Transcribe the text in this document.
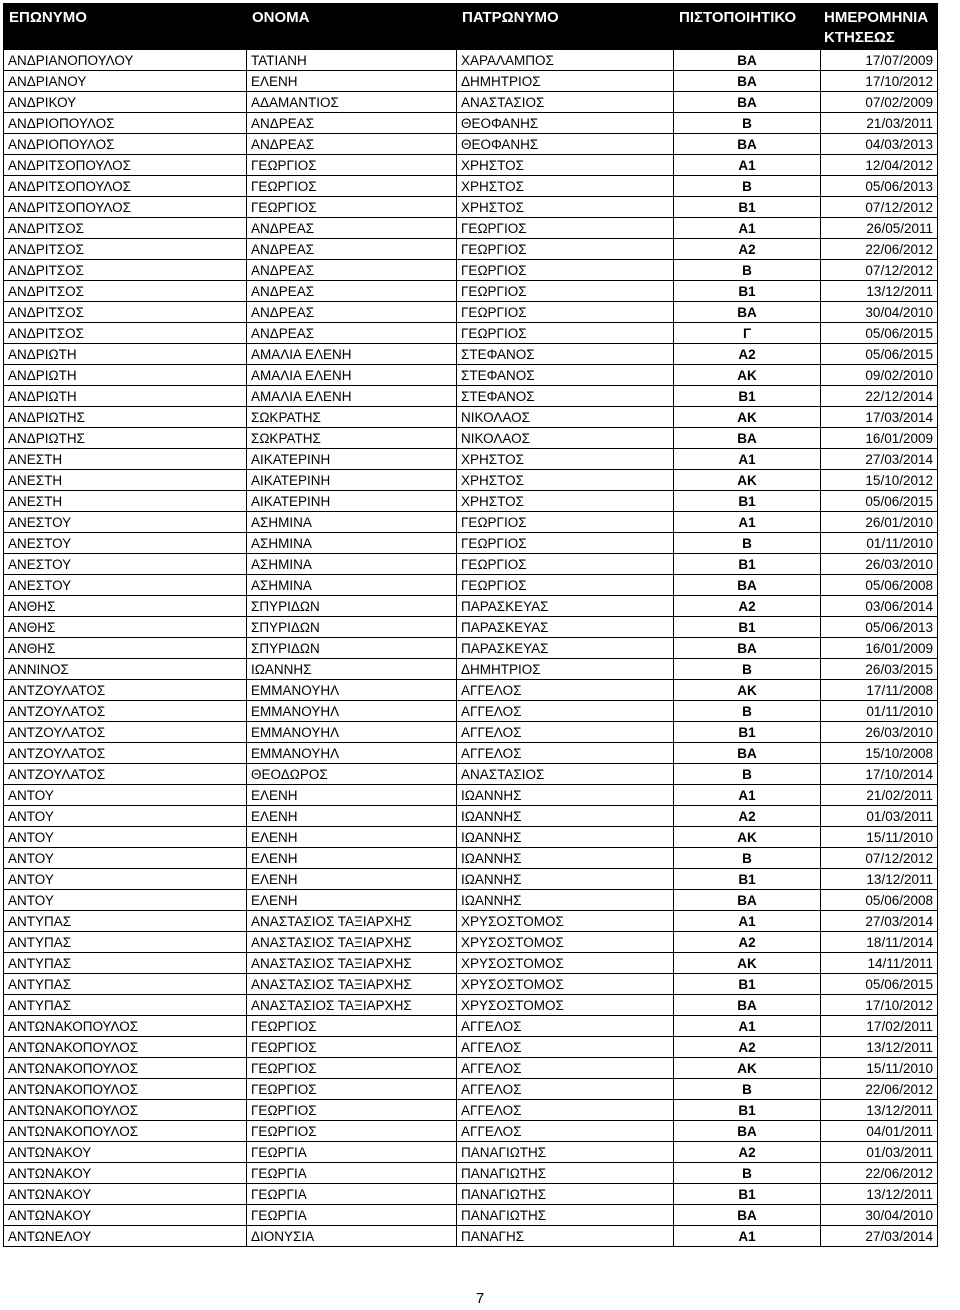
ΕΠΩΝΥΜΟ	ΟΝΟΜΑ	ΠΑΤΡΩΝΥΜΟ	ΠΙΣΤΟΠΟΙΗΤΙΚΟ	ΗΜΕΡΟΜΗΝΙΑ
ΚΤΗΣΕΩΣ
ΑΝΔΡΙΑΝΟΠΟΥΛΟΥ	ΤΑΤΙΑΝΗ	ΧΑΡΑΛΑΜΠΟΣ	ΒΑ	17/07/2009
ΑΝΔΡΙΑΝΟΥ	ΕΛΕΝΗ	ΔΗΜΗΤΡΙΟΣ	ΒΑ	17/10/2012
ΑΝΔΡΙΚΟΥ	ΑΔΑΜΑΝΤΙΟΣ	ΑΝΑΣΤΑΣΙΟΣ	ΒΑ	07/02/2009
ΑΝΔΡΙΟΠΟΥΛΟΣ	ΑΝΔΡΕΑΣ	ΘΕΟΦΑΝΗΣ	Β	21/03/2011
ΑΝΔΡΙΟΠΟΥΛΟΣ	ΑΝΔΡΕΑΣ	ΘΕΟΦΑΝΗΣ	ΒΑ	04/03/2013
ΑΝΔΡΙΤΣΟΠΟΥΛΟΣ	ΓΕΩΡΓΙΟΣ	ΧΡΗΣΤΟΣ	Α1	12/04/2012
ΑΝΔΡΙΤΣΟΠΟΥΛΟΣ	ΓΕΩΡΓΙΟΣ	ΧΡΗΣΤΟΣ	Β	05/06/2013
ΑΝΔΡΙΤΣΟΠΟΥΛΟΣ	ΓΕΩΡΓΙΟΣ	ΧΡΗΣΤΟΣ	Β1	07/12/2012
ΑΝΔΡΙΤΣΟΣ	ΑΝΔΡΕΑΣ	ΓΕΩΡΓΙΟΣ	Α1	26/05/2011
ΑΝΔΡΙΤΣΟΣ	ΑΝΔΡΕΑΣ	ΓΕΩΡΓΙΟΣ	Α2	22/06/2012
ΑΝΔΡΙΤΣΟΣ	ΑΝΔΡΕΑΣ	ΓΕΩΡΓΙΟΣ	Β	07/12/2012
ΑΝΔΡΙΤΣΟΣ	ΑΝΔΡΕΑΣ	ΓΕΩΡΓΙΟΣ	Β1	13/12/2011
ΑΝΔΡΙΤΣΟΣ	ΑΝΔΡΕΑΣ	ΓΕΩΡΓΙΟΣ	ΒΑ	30/04/2010
ΑΝΔΡΙΤΣΟΣ	ΑΝΔΡΕΑΣ	ΓΕΩΡΓΙΟΣ	Γ	05/06/2015
ΑΝΔΡΙΩΤΗ	ΑΜΑΛΙΑ ΕΛΕΝΗ	ΣΤΕΦΑΝΟΣ	Α2	05/06/2015
ΑΝΔΡΙΩΤΗ	ΑΜΑΛΙΑ ΕΛΕΝΗ	ΣΤΕΦΑΝΟΣ	ΑΚ	09/02/2010
ΑΝΔΡΙΩΤΗ	ΑΜΑΛΙΑ ΕΛΕΝΗ	ΣΤΕΦΑΝΟΣ	Β1	22/12/2014
ΑΝΔΡΙΩΤΗΣ	ΣΩΚΡΑΤΗΣ	ΝΙΚΟΛΑΟΣ	ΑΚ	17/03/2014
ΑΝΔΡΙΩΤΗΣ	ΣΩΚΡΑΤΗΣ	ΝΙΚΟΛΑΟΣ	ΒΑ	16/01/2009
ΑΝΕΣΤΗ	ΑΙΚΑΤΕΡΙΝΗ	ΧΡΗΣΤΟΣ	Α1	27/03/2014
ΑΝΕΣΤΗ	ΑΙΚΑΤΕΡΙΝΗ	ΧΡΗΣΤΟΣ	ΑΚ	15/10/2012
ΑΝΕΣΤΗ	ΑΙΚΑΤΕΡΙΝΗ	ΧΡΗΣΤΟΣ	Β1	05/06/2015
ΑΝΕΣΤΟΥ	ΑΣΗΜΙΝΑ	ΓΕΩΡΓΙΟΣ	Α1	26/01/2010
ΑΝΕΣΤΟΥ	ΑΣΗΜΙΝΑ	ΓΕΩΡΓΙΟΣ	Β	01/11/2010
ΑΝΕΣΤΟΥ	ΑΣΗΜΙΝΑ	ΓΕΩΡΓΙΟΣ	Β1	26/03/2010
ΑΝΕΣΤΟΥ	ΑΣΗΜΙΝΑ	ΓΕΩΡΓΙΟΣ	ΒΑ	05/06/2008
ΑΝΘΗΣ	ΣΠΥΡΙΔΩΝ	ΠΑΡΑΣΚΕΥΑΣ	Α2	03/06/2014
ΑΝΘΗΣ	ΣΠΥΡΙΔΩΝ	ΠΑΡΑΣΚΕΥΑΣ	Β1	05/06/2013
ΑΝΘΗΣ	ΣΠΥΡΙΔΩΝ	ΠΑΡΑΣΚΕΥΑΣ	ΒΑ	16/01/2009
ΑΝΝΙΝΟΣ	ΙΩΑΝΝΗΣ	ΔΗΜΗΤΡΙΟΣ	Β	26/03/2015
ΑΝΤΖΟΥΛΑΤΟΣ	ΕΜΜΑΝΟΥΗΛ	ΑΓΓΕΛΟΣ	ΑΚ	17/11/2008
ΑΝΤΖΟΥΛΑΤΟΣ	ΕΜΜΑΝΟΥΗΛ	ΑΓΓΕΛΟΣ	Β	01/11/2010
ΑΝΤΖΟΥΛΑΤΟΣ	ΕΜΜΑΝΟΥΗΛ	ΑΓΓΕΛΟΣ	Β1	26/03/2010
ΑΝΤΖΟΥΛΑΤΟΣ	ΕΜΜΑΝΟΥΗΛ	ΑΓΓΕΛΟΣ	ΒΑ	15/10/2008
ΑΝΤΖΟΥΛΑΤΟΣ	ΘΕΟΔΩΡΟΣ	ΑΝΑΣΤΑΣΙΟΣ	Β	17/10/2014
ΑΝΤΟΥ	ΕΛΕΝΗ	ΙΩΑΝΝΗΣ	Α1	21/02/2011
ΑΝΤΟΥ	ΕΛΕΝΗ	ΙΩΑΝΝΗΣ	Α2	01/03/2011
ΑΝΤΟΥ	ΕΛΕΝΗ	ΙΩΑΝΝΗΣ	ΑΚ	15/11/2010
ΑΝΤΟΥ	ΕΛΕΝΗ	ΙΩΑΝΝΗΣ	Β	07/12/2012
ΑΝΤΟΥ	ΕΛΕΝΗ	ΙΩΑΝΝΗΣ	Β1	13/12/2011
ΑΝΤΟΥ	ΕΛΕΝΗ	ΙΩΑΝΝΗΣ	ΒΑ	05/06/2008
ΑΝΤΥΠΑΣ	ΑΝΑΣΤΑΣΙΟΣ ΤΑΞΙΑΡΧΗΣ	ΧΡΥΣΟΣΤΟΜΟΣ	Α1	27/03/2014
ΑΝΤΥΠΑΣ	ΑΝΑΣΤΑΣΙΟΣ ΤΑΞΙΑΡΧΗΣ	ΧΡΥΣΟΣΤΟΜΟΣ	Α2	18/11/2014
ΑΝΤΥΠΑΣ	ΑΝΑΣΤΑΣΙΟΣ ΤΑΞΙΑΡΧΗΣ	ΧΡΥΣΟΣΤΟΜΟΣ	ΑΚ	14/11/2011
ΑΝΤΥΠΑΣ	ΑΝΑΣΤΑΣΙΟΣ ΤΑΞΙΑΡΧΗΣ	ΧΡΥΣΟΣΤΟΜΟΣ	Β1	05/06/2015
ΑΝΤΥΠΑΣ	ΑΝΑΣΤΑΣΙΟΣ ΤΑΞΙΑΡΧΗΣ	ΧΡΥΣΟΣΤΟΜΟΣ	ΒΑ	17/10/2012
ΑΝΤΩΝΑΚΟΠΟΥΛΟΣ	ΓΕΩΡΓΙΟΣ	ΑΓΓΕΛΟΣ	Α1	17/02/2011
ΑΝΤΩΝΑΚΟΠΟΥΛΟΣ	ΓΕΩΡΓΙΟΣ	ΑΓΓΕΛΟΣ	Α2	13/12/2011
ΑΝΤΩΝΑΚΟΠΟΥΛΟΣ	ΓΕΩΡΓΙΟΣ	ΑΓΓΕΛΟΣ	ΑΚ	15/11/2010
ΑΝΤΩΝΑΚΟΠΟΥΛΟΣ	ΓΕΩΡΓΙΟΣ	ΑΓΓΕΛΟΣ	Β	22/06/2012
ΑΝΤΩΝΑΚΟΠΟΥΛΟΣ	ΓΕΩΡΓΙΟΣ	ΑΓΓΕΛΟΣ	Β1	13/12/2011
ΑΝΤΩΝΑΚΟΠΟΥΛΟΣ	ΓΕΩΡΓΙΟΣ	ΑΓΓΕΛΟΣ	ΒΑ	04/01/2011
ΑΝΤΩΝΑΚΟΥ	ΓΕΩΡΓΙΑ	ΠΑΝΑΓΙΩΤΗΣ	Α2	01/03/2011
ΑΝΤΩΝΑΚΟΥ	ΓΕΩΡΓΙΑ	ΠΑΝΑΓΙΩΤΗΣ	Β	22/06/2012
ΑΝΤΩΝΑΚΟΥ	ΓΕΩΡΓΙΑ	ΠΑΝΑΓΙΩΤΗΣ	Β1	13/12/2011
ΑΝΤΩΝΑΚΟΥ	ΓΕΩΡΓΙΑ	ΠΑΝΑΓΙΩΤΗΣ	ΒΑ	30/04/2010
ΑΝΤΩΝΕΛΟΥ	ΔΙΟΝΥΣΙΑ	ΠΑΝΑΓΗΣ	Α1	27/03/2014
7
